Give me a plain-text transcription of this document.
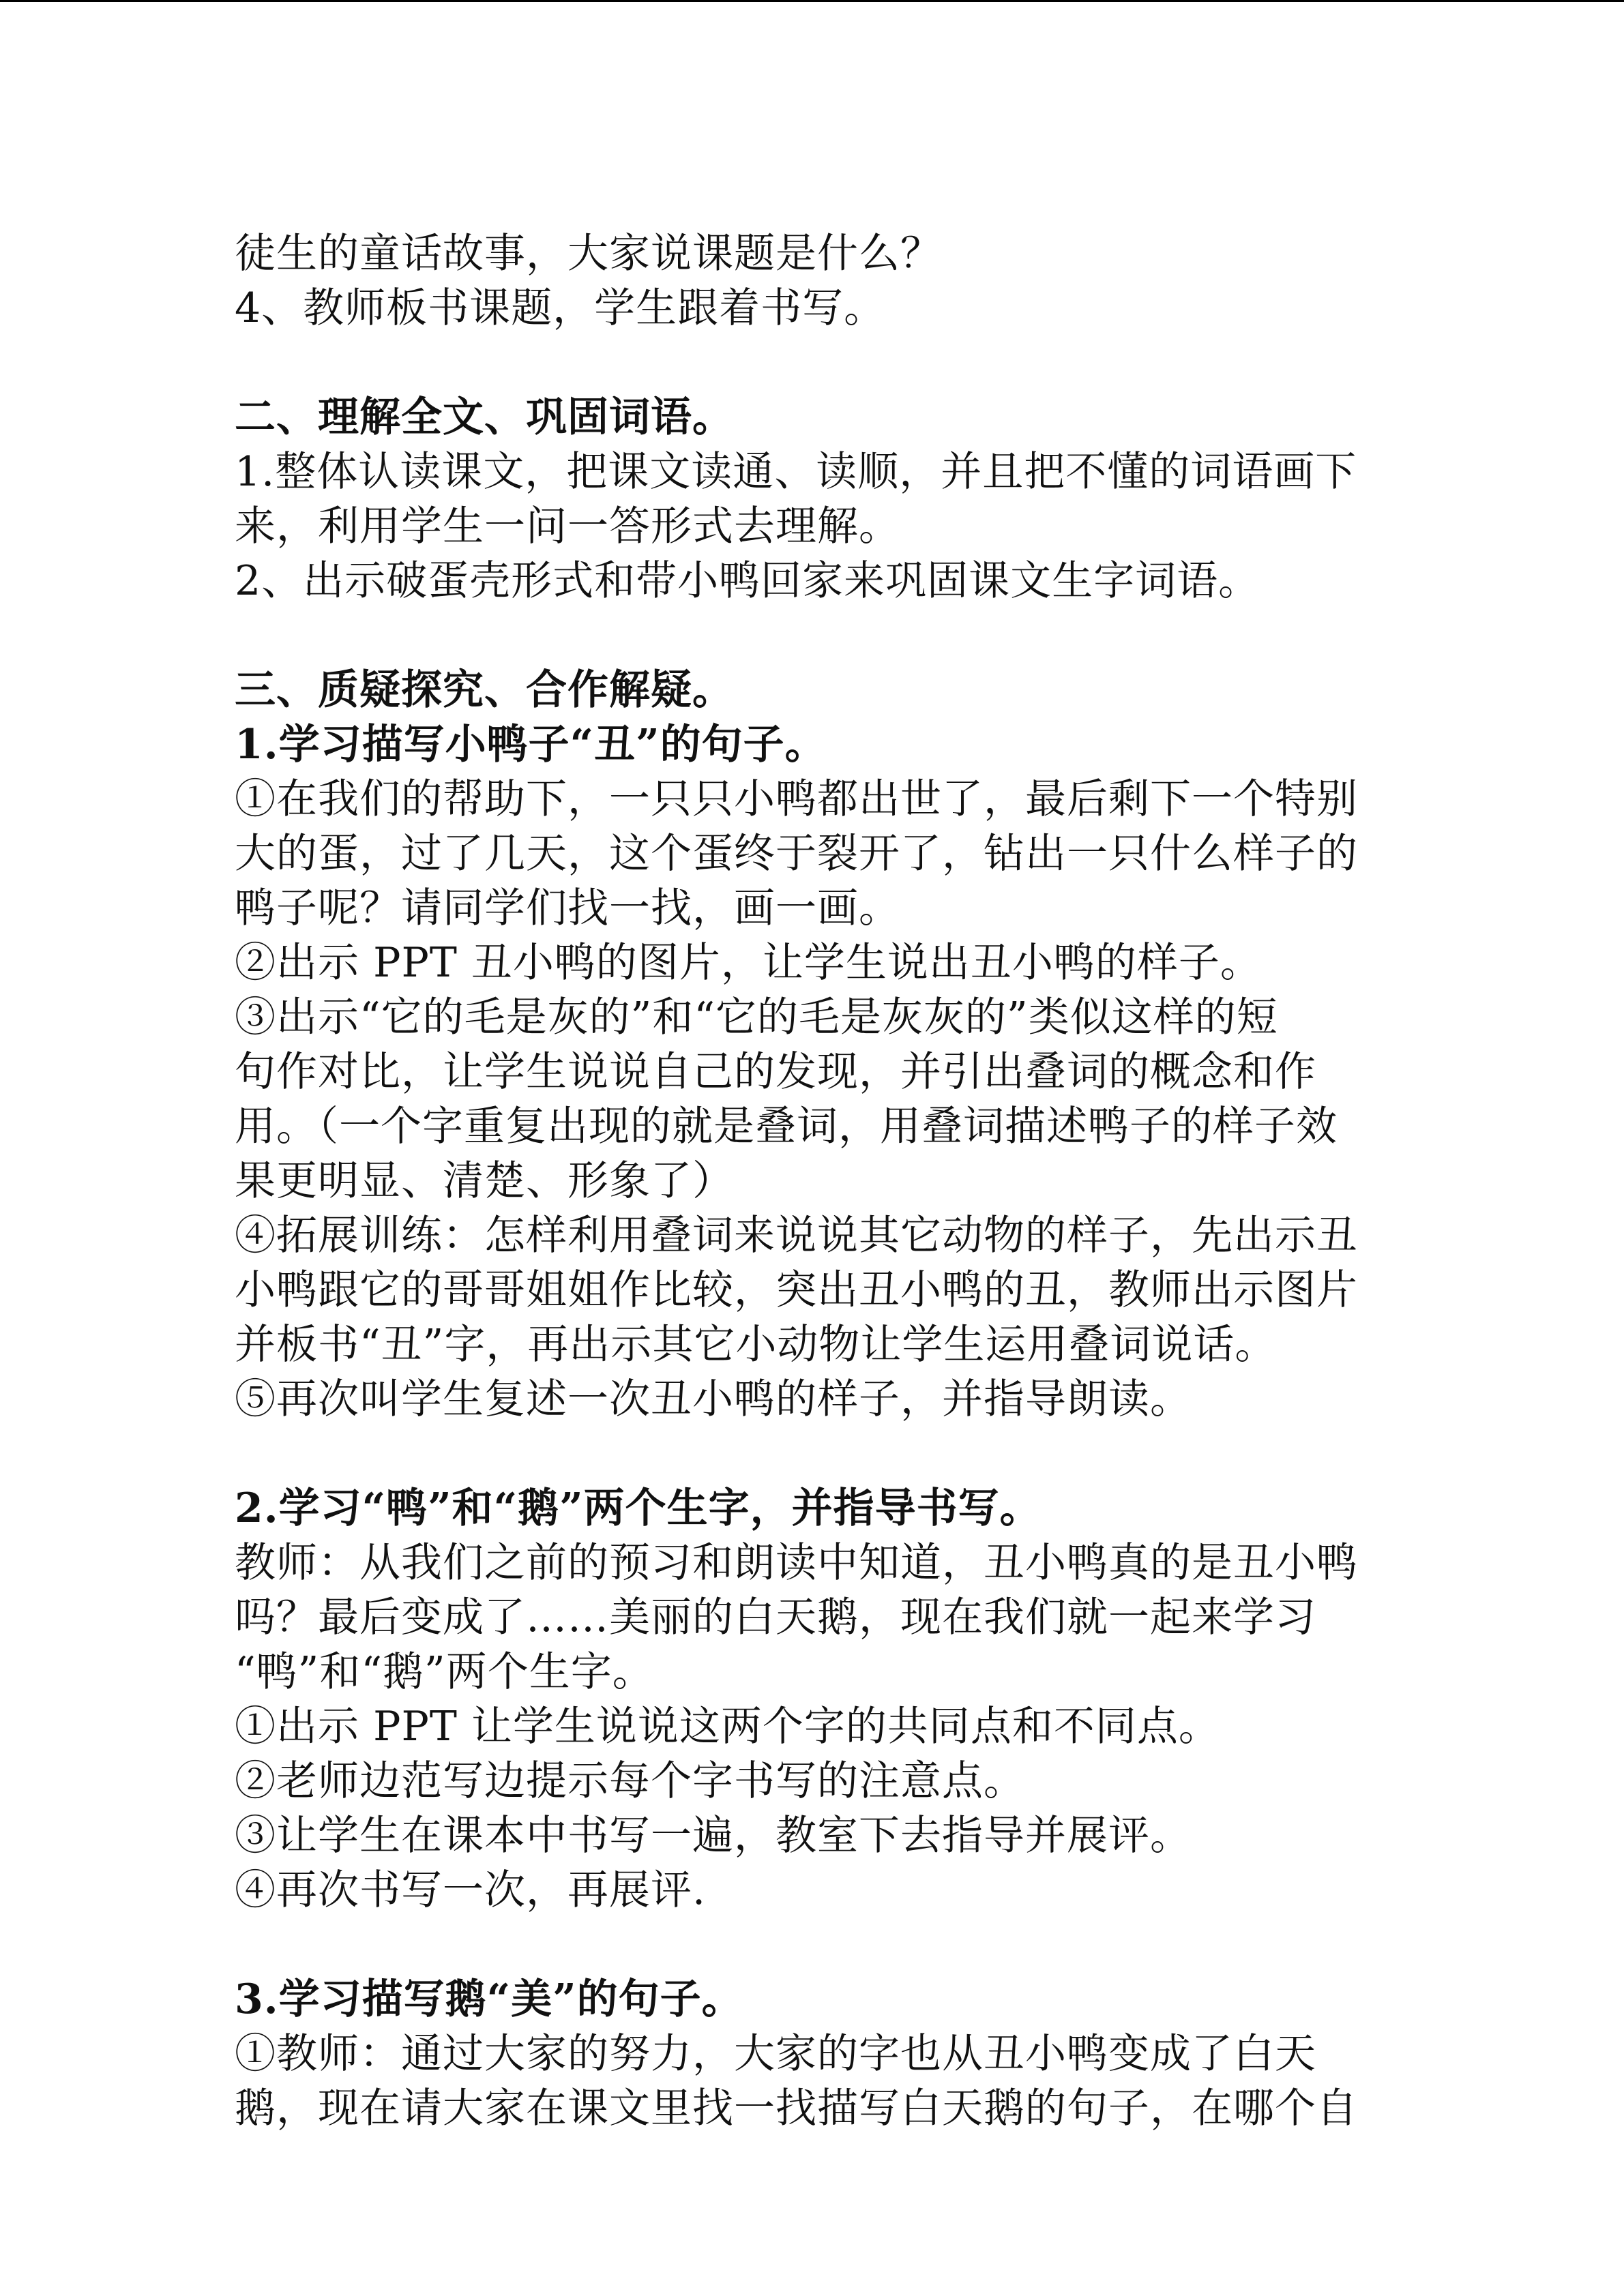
徒生的童话故事，大家说课题是什么？
4、教师板书课题，学生跟着书写。
二、理解全文、巩固词语。
1.整体认读课文，把课文读通、读顺，并且把不懂的词语画下
来，利用学生一问一答形式去理解。
2、出示破蛋壳形式和带小鸭回家来巩固课文生字词语。
三、质疑探究、合作解疑。
1.学习描写小鸭子“丑”的句子。
①在我们的帮助下，一只只小鸭都出世了，最后剩下一个特别
大的蛋，过了几天，这个蛋终于裂开了，钻出一只什么样子的
鸭子呢？请同学们找一找，画一画。
②出示 PPT 丑小鸭的图片，让学生说出丑小鸭的样子。
③出示“它的毛是灰的”和“它的毛是灰灰的”类似这样的短
句作对比，让学生说说自己的发现，并引出叠词的概念和作
用。（一个字重复出现的就是叠词，用叠词描述鸭子的样子效
果更明显、清楚、形象了）
④拓展训练：怎样利用叠词来说说其它动物的样子，先出示丑
小鸭跟它的哥哥姐姐作比较，突出丑小鸭的丑，教师出示图片
并板书“丑”字，再出示其它小动物让学生运用叠词说话。
⑤再次叫学生复述一次丑小鸭的样子，并指导朗读。
2.学习“鸭”和“鹅”两个生字，并指导书写。
教师：从我们之前的预习和朗读中知道，丑小鸭真的是丑小鸭
吗？最后变成了……美丽的白天鹅，现在我们就一起来学习
“鸭”和“鹅”两个生字。
①出示 PPT 让学生说说这两个字的共同点和不同点。
②老师边范写边提示每个字书写的注意点。
③让学生在课本中书写一遍，教室下去指导并展评。
④再次书写一次，再展评.
3.学习描写鹅“美”的句子。
①教师：通过大家的努力，大家的字也从丑小鸭变成了白天
鹅，现在请大家在课文里找一找描写白天鹅的句子，在哪个自
